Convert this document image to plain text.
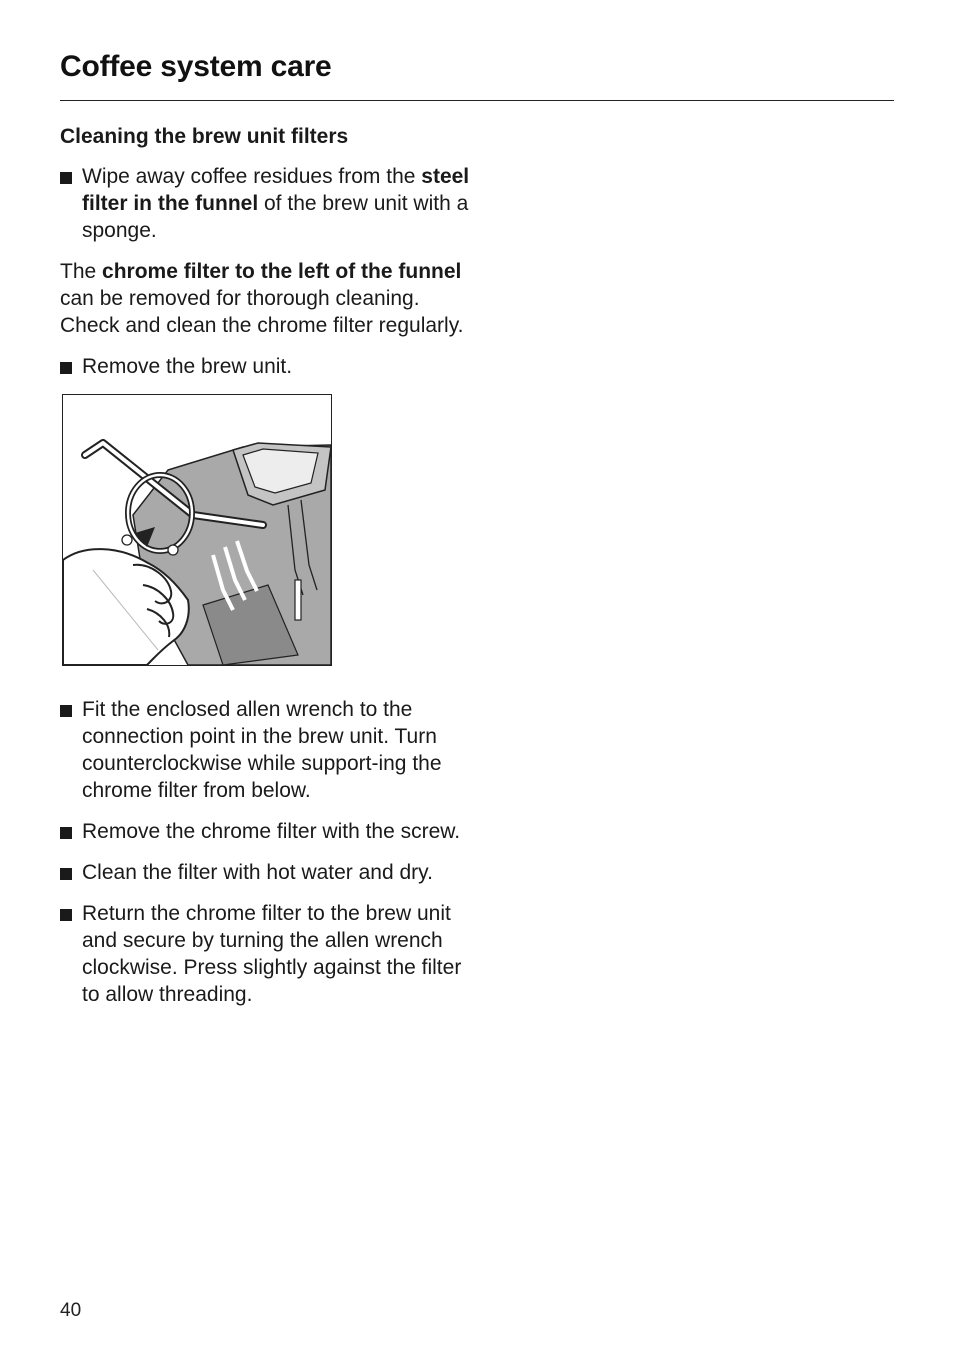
Coffee system care
Cleaning the brew unit filters
Wipe away coffee residues from the steel filter in the funnel of the brew unit with a sponge.

The chrome filter to the left of the funnel can be removed for thorough cleaning. Check and clean the chrome filter regularly.

Remove the brew unit.
Fit the enclosed allen wrench to the connection point in the brew unit. Turn counterclockwise while support-ing the chrome filter from below.
Remove the chrome filter with the screw.
Clean the filter with hot water and dry.
Return the chrome filter to the brew unit and secure by turning the allen wrench clockwise. Press slightly against the filter to allow threading.
40
